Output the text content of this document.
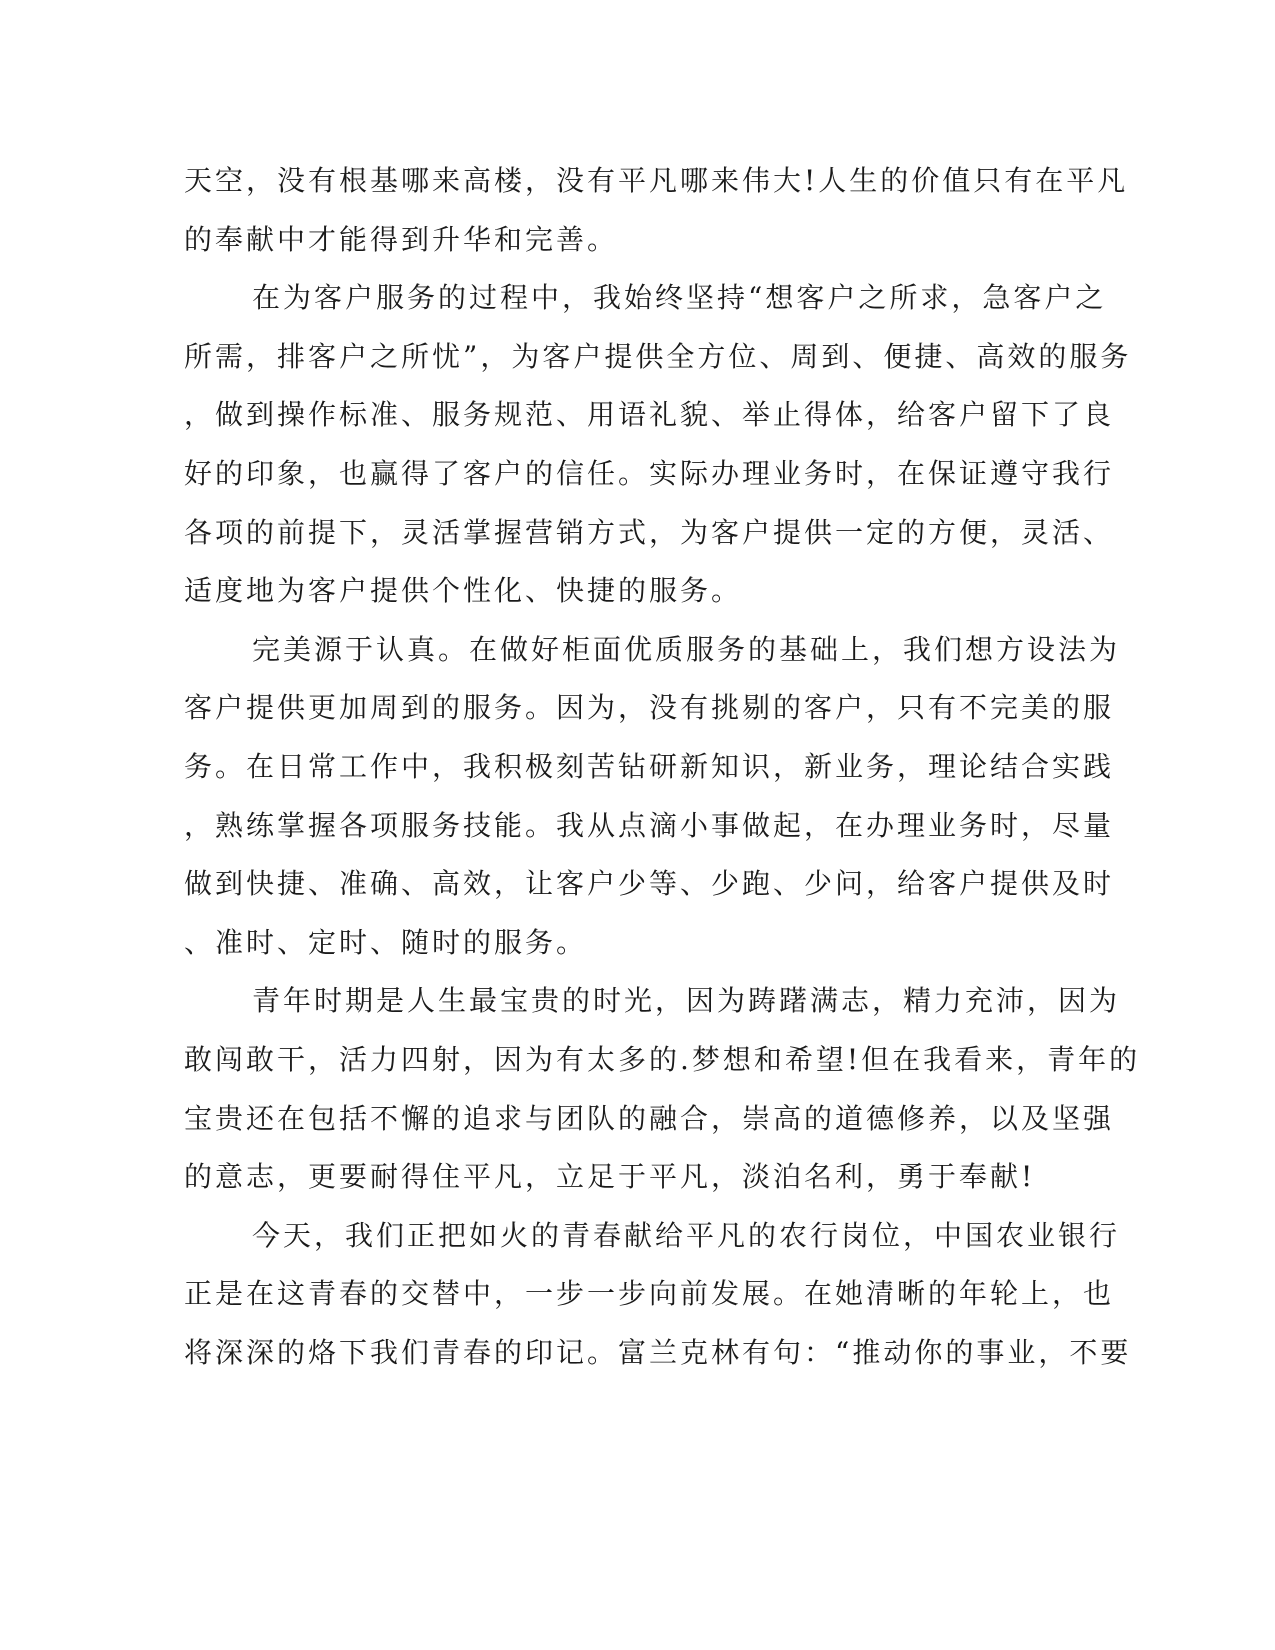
天空，没有根基哪来高楼，没有平凡哪来伟大!人生的价值只有在平凡
的奉献中才能得到升华和完善。
在为客户服务的过程中，我始终坚持“想客户之所求，急客户之
所需，排客户之所忧”，为客户提供全方位、周到、便捷、高效的服务
，做到操作标准、服务规范、用语礼貌、举止得体，给客户留下了良
好的印象，也赢得了客户的信任。实际办理业务时，在保证遵守我行
各项的前提下，灵活掌握营销方式，为客户提供一定的方便，灵活、
适度地为客户提供个性化、快捷的服务。
完美源于认真。在做好柜面优质服务的基础上，我们想方设法为
客户提供更加周到的服务。因为，没有挑剔的客户，只有不完美的服
务。在日常工作中，我积极刻苦钻研新知识，新业务，理论结合实践
，熟练掌握各项服务技能。我从点滴小事做起，在办理业务时，尽量
做到快捷、准确、高效，让客户少等、少跑、少问，给客户提供及时
、准时、定时、随时的服务。
青年时期是人生最宝贵的时光，因为踌躇满志，精力充沛，因为
敢闯敢干，活力四射，因为有太多的.梦想和希望!但在我看来，青年的
宝贵还在包括不懈的追求与团队的融合，崇高的道德修养，以及坚强
的意志，更要耐得住平凡，立足于平凡，淡泊名利，勇于奉献!
今天，我们正把如火的青春献给平凡的农行岗位，中国农业银行
正是在这青春的交替中，一步一步向前发展。在她清晰的年轮上，也
将深深的烙下我们青春的印记。富兰克林有句：“推动你的事业，不要
